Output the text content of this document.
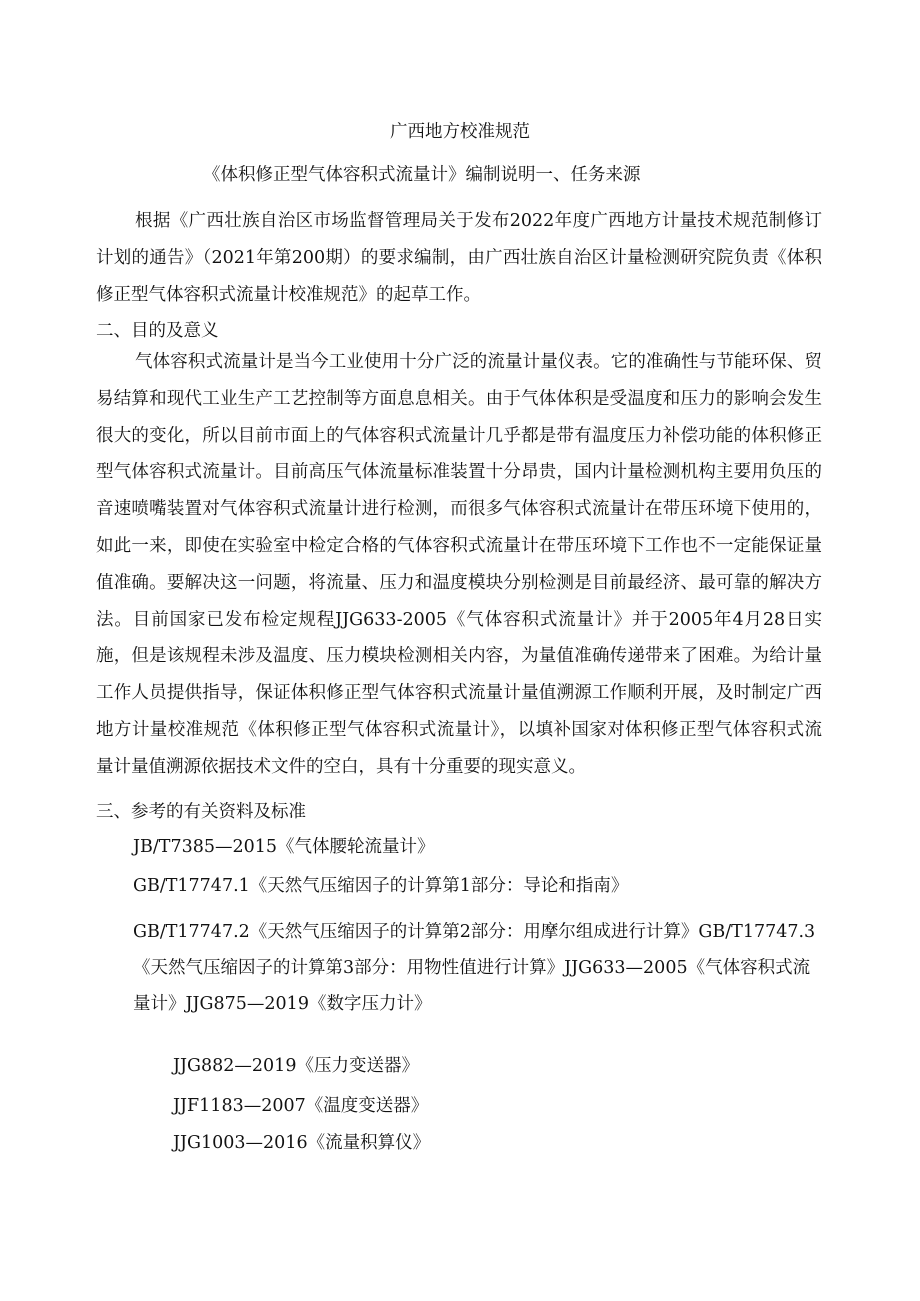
广西地方校准规范
《体积修正型气体容积式流量计》编制说明一、任务来源
根据《广西壮族自治区市场监督管理局关于发布2022年度广西地方计量技术规范制修订计划的通告》（2021年第200期）的要求编制，由广西壮族自治区计量检测研究院负责《体积修正型气体容积式流量计校准规范》的起草工作。
二、目的及意义
气体容积式流量计是当今工业使用十分广泛的流量计量仪表。它的准确性与节能环保、贸易结算和现代工业生产工艺控制等方面息息相关。由于气体体积是受温度和压力的影响会发生很大的变化，所以目前市面上的气体容积式流量计几乎都是带有温度压力补偿功能的体积修正型气体容积式流量计。目前高压气体流量标准装置十分昂贵，国内计量检测机构主要用负压的音速喷嘴装置对气体容积式流量计进行检测，而很多气体容积式流量计在带压环境下使用的，如此一来，即使在实验室中检定合格的气体容积式流量计在带压环境下工作也不一定能保证量值准确。要解决这一问题，将流量、压力和温度模块分别检测是目前最经济、最可靠的解决方法。目前国家已发布检定规程JJG633-2005《气体容积式流量计》并于2005年4月28日实施，但是该规程未涉及温度、压力模块检测相关内容，为量值准确传递带来了困难。为给计量工作人员提供指导，保证体积修正型气体容积式流量计量值溯源工作顺利开展，及时制定广西地方计量校准规范《体积修正型气体容积式流量计》，以填补国家对体积修正型气体容积式流量计量值溯源依据技术文件的空白，具有十分重要的现实意义。
三、参考的有关资料及标准
JB/T7385—2015《气体腰轮流量计》
GB/T17747.1《天然气压缩因子的计算第1部分：导论和指南》
GB/T17747.2《天然气压缩因子的计算第2部分：用摩尔组成进行计算》GB/T17747.3《天然气压缩因子的计算第3部分：用物性值进行计算》JJG633—2005《气体容积式流量计》JJG875—2019《数字压力计》
JJG882—2019《压力变送器》
JJF1183—2007《温度变送器》
JJG1003—2016《流量积算仪》
